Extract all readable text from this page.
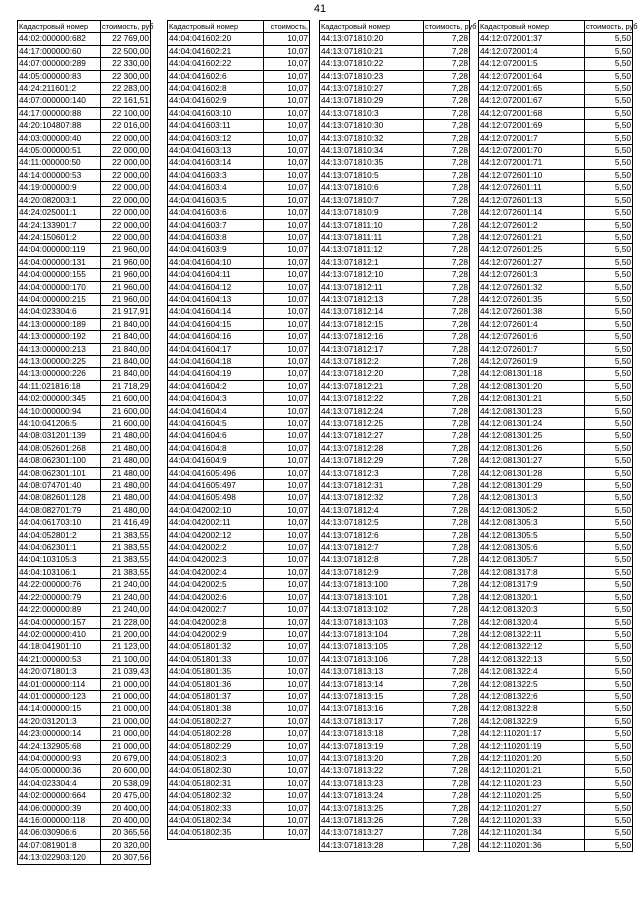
41
Кадастровый номер	стоимость, руб
44:02:000000:682	22 769,00
44:17:000000:60	22 500,00
44:07:000000:289	22 330,00
44:05:000000:83	22 300,00
44:24:211601:2	22 283,00
44:07:000000:140	22 161,51
44:17:000000:88	22 100,00
44:20:104807:88	22 016,00
44:03:000000:40	22 000,00
44:05:000000:51	22 000,00
44:11:000000:50	22 000,00
44:14:000000:53	22 000,00
44:19:000000:9	22 000,00
44:20:082003:1	22 000,00
44:24:025001:1	22 000,00
44:24:133901:7	22 000,00
44:24:150601:2	22 000,00
44:04:000000:119	21 960,00
44:04:000000:131	21 960,00
44:04:000000:155	21 960,00
44:04:000000:170	21 960,00
44:04:000000:215	21 960,00
44:04:023304:6	21 917,91
44:13:000000:189	21 840,00
44:13:000000:192	21 840,00
44:13:000000:213	21 840,00
44:13:000000:225	21 840,00
44:13:000000:226	21 840,00
44:11:021816:18	21 718,29
44:02:000000:345	21 600,00
44:10:000000:94	21 600,00
44:10:041206:5	21 600,00
44:08:031201:139	21 480,00
44:08:052601:268	21 480,00
44:08:062301:100	21 480,00
44:08:062301:101	21 480,00
44:08:074701:40	21 480,00
44:08:082601:128	21 480,00
44:08:082701:79	21 480,00
44:04:061703:10	21 416,49
44:04:052801:2	21 383,55
44:04:062301:1	21 383,55
44:04:103105:3	21 383,55
44:04:103106:1	21 383,55
44:22:000000:76	21 240,00
44:22:000000:79	21 240,00
44:22:000000:89	21 240,00
44:04:000000:157	21 228,00
44:02:000000:410	21 200,00
44:18:041901:10	21 123,00
44:21:000000:53	21 100,00
44:20:071801:3	21 039,43
44:01:000000:114	21 000,00
44:01:000000:123	21 000,00
44:14:000000:15	21 000,00
44:20:031201:3	21 000,00
44:23:000000:14	21 000,00
44:24:132905:68	21 000,00
44:04:000000:93	20 679,00
44:05:000000:36	20 600,00
44:04:023304:4	20 538,09
44:02:000000:664	20 475,00
44:06:000000:39	20 400,00
44:16:000000:118	20 400,00
44:06:030906:6	20 365,56
44:07:081901:8	20 320,00
44:13:022903:120	20 307,56
Кадастровый номер	стоимость,
44:04:041602:20	10,07
44:04:041602:21	10,07
44:04:041602:22	10,07
44:04:041602:6	10,07
44:04:041602:8	10,07
44:04:041602:9	10,07
44:04:041603:10	10,07
44:04:041603:11	10,07
44:04:041603:12	10,07
44:04:041603:13	10,07
44:04:041603:14	10,07
44:04:041603:3	10,07
44:04:041603:4	10,07
44:04:041603:5	10,07
44:04:041603:6	10,07
44:04:041603:7	10,07
44:04:041603:8	10,07
44:04:041603:9	10,07
44:04:041604:10	10,07
44:04:041604:11	10,07
44:04:041604:12	10,07
44:04:041604:13	10,07
44:04:041604:14	10,07
44:04:041604:15	10,07
44:04:041604:16	10,07
44:04:041604:17	10,07
44:04:041604:18	10,07
44:04:041604:19	10,07
44:04:041604:2	10,07
44:04:041604:3	10,07
44:04:041604:4	10,07
44:04:041604:5	10,07
44:04:041604:6	10,07
44:04:041604:8	10,07
44:04:041604:9	10,07
44:04:041605:496	10,07
44:04:041605:497	10,07
44:04:041605:498	10,07
44:04:042002:10	10,07
44:04:042002:11	10,07
44:04:042002:12	10,07
44:04:042002:2	10,07
44:04:042002:3	10,07
44:04:042002:4	10,07
44:04:042002:5	10,07
44:04:042002:6	10,07
44:04:042002:7	10,07
44:04:042002:8	10,07
44:04:042002:9	10,07
44:04:051801:32	10,07
44:04:051801:33	10,07
44:04:051801:35	10,07
44:04:051801:36	10,07
44:04:051801:37	10,07
44:04:051801:38	10,07
44:04:051802:27	10,07
44:04:051802:28	10,07
44:04:051802:29	10,07
44:04:051802:3	10,07
44:04:051802:30	10,07
44:04:051802:31	10,07
44:04:051802:32	10,07
44:04:051802:33	10,07
44:04:051802:34	10,07
44:04:051802:35	10,07
Кадастровый номер	стоимость, руб
44:13:071810:20	7,28
44:13:071810:21	7,28
44:13:071810:22	7,28
44:13:071810:23	7,28
44:13:071810:27	7,28
44:13:071810:29	7,28
44:13:071810:3	7,28
44:13:071810:30	7,28
44:13:071810:32	7,28
44:13:071810:34	7,28
44:13:071810:35	7,28
44:13:071810:5	7,28
44:13:071810:6	7,28
44:13:071810:7	7,28
44:13:071810:9	7,28
44:13:071811:10	7,28
44:13:071811:11	7,28
44:13:071811:12	7,28
44:13:071812:1	7,28
44:13:071812:10	7,28
44:13:071812:11	7,28
44:13:071812:13	7,28
44:13:071812:14	7,28
44:13:071812:15	7,28
44:13:071812:16	7,28
44:13:071812:17	7,28
44:13:071812:2	7,28
44:13:071812:20	7,28
44:13:071812:21	7,28
44:13:071812:22	7,28
44:13:071812:24	7,28
44:13:071812:25	7,28
44:13:071812:27	7,28
44:13:071812:28	7,28
44:13:071812:29	7,28
44:13:071812:3	7,28
44:13:071812:31	7,28
44:13:071812:32	7,28
44:13:071812:4	7,28
44:13:071812:5	7,28
44:13:071812:6	7,28
44:13:071812:7	7,28
44:13:071812:8	7,28
44:13:071812:9	7,28
44:13:071813:100	7,28
44:13:071813:101	7,28
44:13:071813:102	7,28
44:13:071813:103	7,28
44:13:071813:104	7,28
44:13:071813:105	7,28
44:13:071813:106	7,28
44:13:071813:13	7,28
44:13:071813:14	7,28
44:13:071813:15	7,28
44:13:071813:16	7,28
44:13:071813:17	7,28
44:13:071813:18	7,28
44:13:071813:19	7,28
44:13:071813:20	7,28
44:13:071813:22	7,28
44:13:071813:23	7,28
44:13:071813:24	7,28
44:13:071813:25	7,28
44:13:071813:26	7,28
44:13:071813:27	7,28
44:13:071813:28	7,28
Кадастровый номер	стоимость, руб
44:12:072001:37	5,50
44:12:072001:4	5,50
44:12:072001:5	5,50
44:12:072001:64	5,50
44:12:072001:65	5,50
44:12:072001:67	5,50
44:12:072001:68	5,50
44:12:072001:69	5,50
44:12:072001:7	5,50
44:12:072001:70	5,50
44:12:072001:71	5,50
44:12:072601:10	5,50
44:12:072601:11	5,50
44:12:072601:13	5,50
44:12:072601:14	5,50
44:12:072601:2	5,50
44:12:072601:21	5,50
44:12:072601:25	5,50
44:12:072601:27	5,50
44:12:072601:3	5,50
44:12:072601:32	5,50
44:12:072601:35	5,50
44:12:072601:38	5,50
44:12:072601:4	5,50
44:12:072601:6	5,50
44:12:072601:7	5,50
44:12:072601:9	5,50
44:12:081301:18	5,50
44:12:081301:20	5,50
44:12:081301:21	5,50
44:12:081301:23	5,50
44:12:081301:24	5,50
44:12:081301:25	5,50
44:12:081301:26	5,50
44:12:081301:27	5,50
44:12:081301:28	5,50
44:12:081301:29	5,50
44:12:081301:3	5,50
44:12:081305:2	5,50
44:12:081305:3	5,50
44:12:081305:5	5,50
44:12:081305:6	5,50
44:12:081305:7	5,50
44:12:081317:8	5,50
44:12:081317:9	5,50
44:12:081320:1	5,50
44:12:081320:3	5,50
44:12:081320:4	5,50
44:12:081322:11	5,50
44:12:081322:12	5,50
44:12:081322:13	5,50
44:12:081322:4	5,50
44:12:081322:5	5,50
44:12:081322:6	5,50
44:12:081322:8	5,50
44:12:081322:9	5,50
44:12:110201:17	5,50
44:12:110201:19	5,50
44:12:110201:20	5,50
44:12:110201:21	5,50
44:12:110201:23	5,50
44:12:110201:25	5,50
44:12:110201:27	5,50
44:12:110201:33	5,50
44:12:110201:34	5,50
44:12:110201:36	5,50
